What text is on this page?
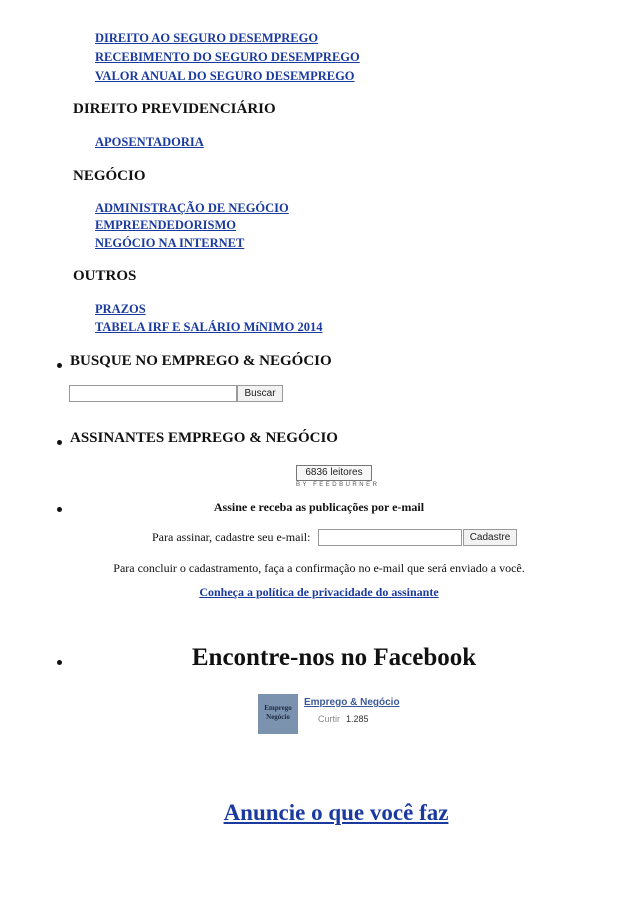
DIREITO AO SEGURO DESEMPREGO
RECEBIMENTO DO SEGURO DESEMPREGO
VALOR ANUAL DO SEGURO DESEMPREGO
DIREITO PREVIDENCIÁRIO
APOSENTADORIA
NEGÓCIO
ADMINISTRAÇÃO DE NEGÓCIO
EMPREENDEDORISMO
NEGÓCIO NA INTERNET
OUTROS
PRAZOS
TABELA IRF E SALÁRIO MíNIMO 2014
BUSQUE NO EMPREGO & NEGÓCIO
Buscar
ASSINANTES EMPREGO & NEGÓCIO
6836 leitores
BY FEEDBURNER
Assine e receba as publicações por e-mail
Para assinar, cadastre seu e-mail:	Cadastre
Para concluir o cadastramento, faça a confirmação no e-mail que será enviado a você.
Conheça a política de privacidade do assinante
Encontre-nos no Facebook
Emprego
Negócio
Emprego & Negócio
Curtir 1.285
Anuncie o que você faz
